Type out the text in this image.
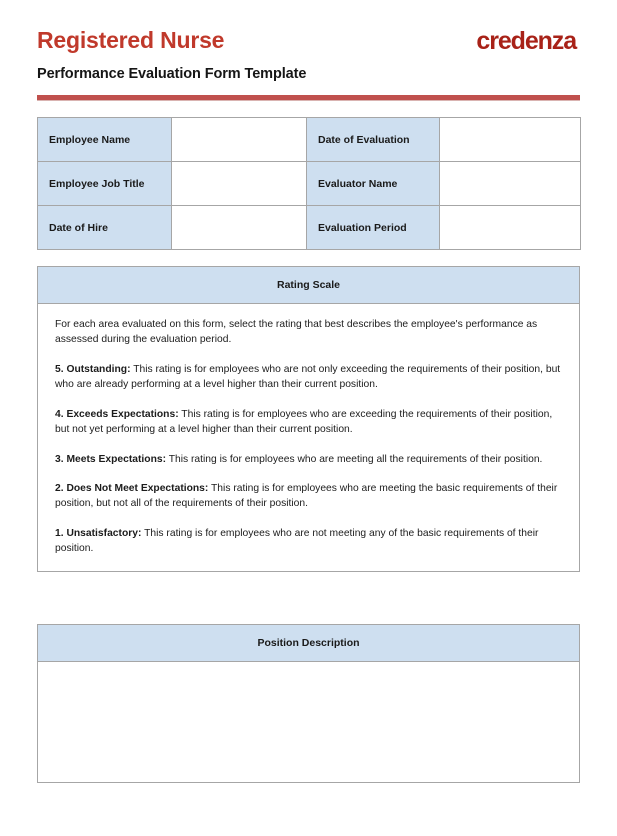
Registered Nurse
Performance Evaluation Form Template
credenza
Employee Name		Date of Evaluation	
Employee Job Title		Evaluator Name	
Date of Hire		Evaluation Period	
Rating Scale

For each area evaluated on this form, select the rating that best describes the employee's performance as assessed during the evaluation period.

5. Outstanding: This rating is for employees who are not only exceeding the requirements of their position, but who are already performing at a level higher than their current position.

4. Exceeds Expectations: This rating is for employees who are exceeding the requirements of their position, but not yet performing at a level higher than their current position.

3. Meets Expectations: This rating is for employees who are meeting all the requirements of their position.

2. Does Not Meet Expectations: This rating is for employees who are meeting the basic requirements of their position, but not all of the requirements of their position.

1. Unsatisfactory: This rating is for employees who are not meeting any of the basic requirements of their position.

Position Description
